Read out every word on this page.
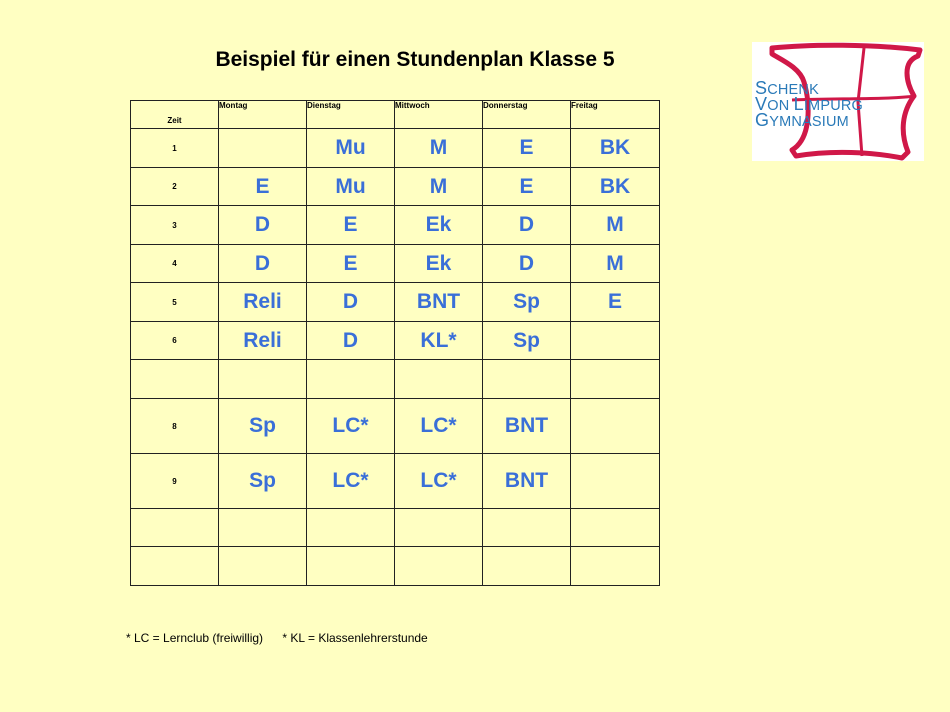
Beispiel für einen Stundenplan Klasse 5
SCHENK
VON LIMPURG
GYMNASIUM
Zeit	Montag	Dienstag	Mittwoch	Donnerstag	Freitag
1		Mu	M	E	BK
2	E	Mu	M	E	BK
3	D	E	Ek	D	M
4	D	E	Ek	D	M
5	Reli	D	BNT	Sp	E
6	Reli	D	KL*	Sp	

8	Sp	LC*	LC*	BNT	
9	Sp	LC*	LC*	BNT	

* LC = Lernclub (freiwillig) * KL = Klassenlehrerstunde
